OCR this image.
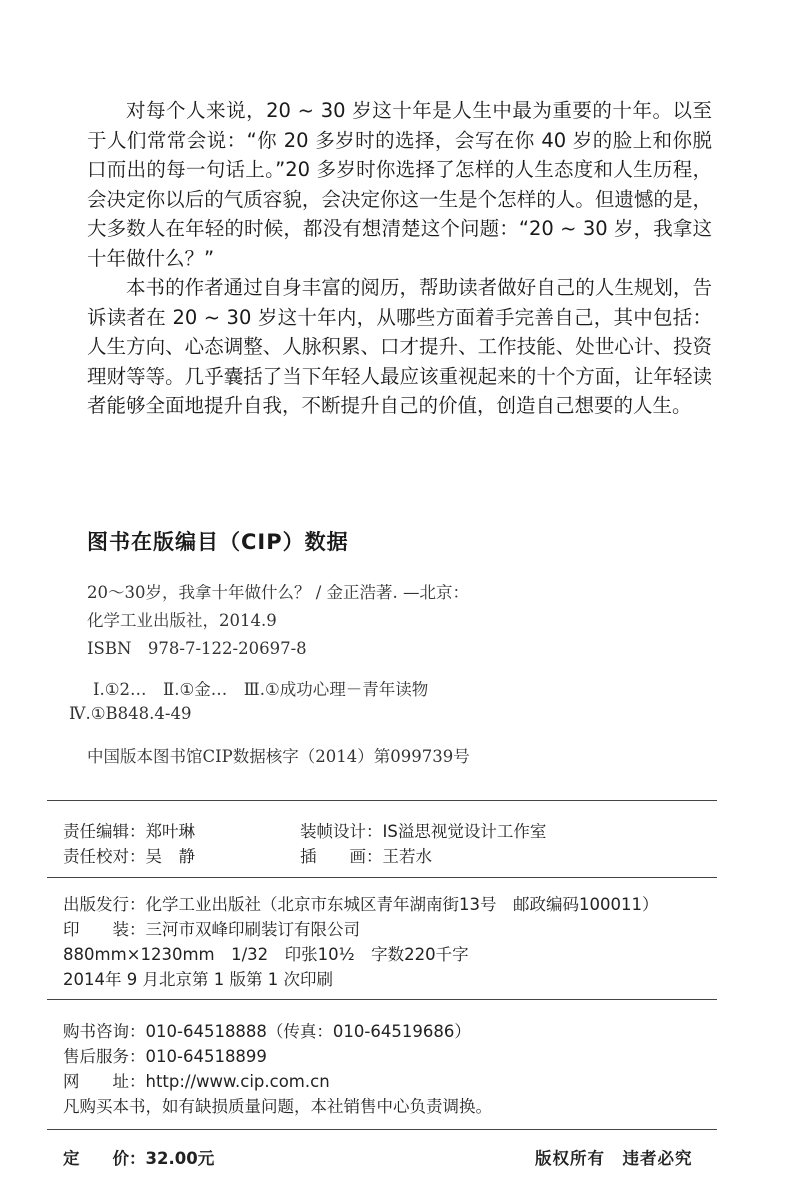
对每个人来说，20 ~ 30 岁这十年是人生中最为重要的十年。以至于人们常常会说：“你 20 多岁时的选择，会写在你 40 岁的脸上和你脱口而出的每一句话上。”20 多岁时你选择了怎样的人生态度和人生历程，会决定你以后的气质容貌，会决定你这一生是个怎样的人。但遗憾的是，大多数人在年轻的时候，都没有想清楚这个问题：“20 ~ 30 岁，我拿这十年做什么？”

本书的作者通过自身丰富的阅历，帮助读者做好自己的人生规划，告诉读者在 20 ~ 30 岁这十年内，从哪些方面着手完善自己，其中包括：人生方向、心态调整、人脉积累、口才提升、工作技能、处世心计、投资理财等等。几乎囊括了当下年轻人最应该重视起来的十个方面，让年轻读者能够全面地提升自我，不断提升自己的价值，创造自己想要的人生。

图书在版编目（CIP）数据
20～30岁，我拿十年做什么？ / 金正浩著. —北京：
化学工业出版社，2014.9
ISBN　978-7-122-20697-8
Ⅰ.①2…　Ⅱ.①金…　Ⅲ.①成功心理－青年读物
Ⅳ.①B848.4-49
中国版本图书馆CIP数据核字（2014）第099739号
责任编辑：郑叶琳	装帧设计：IS溢思视觉设计工作室
责任校对：吴　静	插　　画：王若水
出版发行：化学工业出版社（北京市东城区青年湖南街13号　邮政编码100011）
印　　装：三河市双峰印刷装订有限公司
880mm×1230mm　1/32　印张10½　字数220千字
2014年 9 月北京第 1 版第 1 次印刷
购书咨询：010-64518888（传真：010-64519686）
售后服务：010-64518899
网　　址：http://www.cip.com.cn
凡购买本书，如有缺损质量问题，本社销售中心负责调换。
定　　价：32.00元	版权所有　违者必究
